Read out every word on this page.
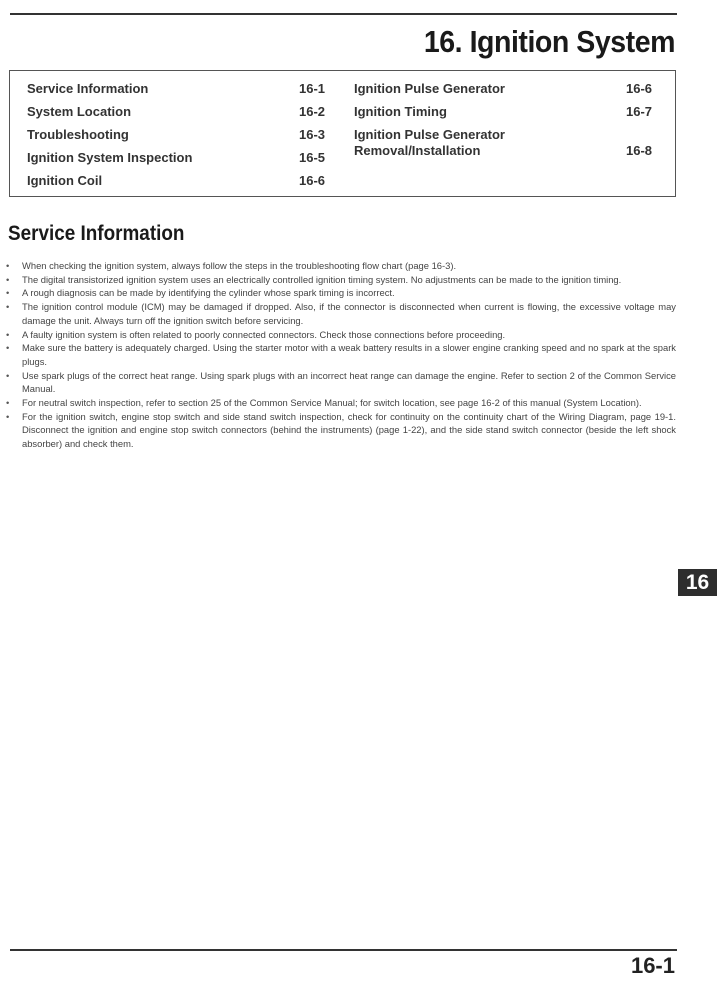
16. Ignition System
Service Information	16-1
System Location	16-2
Troubleshooting	16-3
Ignition System Inspection	16-5
Ignition Coil	16-6
Ignition Pulse Generator	16-6
Ignition Timing	16-7
Ignition Pulse Generator
Removal/Installation	16-8
Service Information
•	When checking the ignition system, always follow the steps in the troubleshooting flow chart (page 16-3).
•	The digital transistorized ignition system uses an electrically controlled ignition timing system. No adjustments can be made to the ignition timing.
•	A rough diagnosis can be made by identifying the cylinder whose spark timing is incorrect.
•	The ignition control module (ICM) may be damaged if dropped. Also, if the connector is disconnected when current is flowing, the excessive voltage may damage the unit. Always turn off the ignition switch before servicing.
•	A faulty ignition system is often related to poorly connected connectors. Check those connections before proceeding.
•	Make sure the battery is adequately charged. Using the starter motor with a weak battery results in a slower engine cranking speed and no spark at the spark plugs.
•	Use spark plugs of the correct heat range. Using spark plugs with an incorrect heat range can damage the engine. Refer to section 2 of the Common Service Manual.
•	For neutral switch inspection, refer to section 25 of the Common Service Manual; for switch location, see page 16-2 of this manual (System Location).
•	For the ignition switch, engine stop switch and side stand switch inspection, check for continuity on the continuity chart of the Wiring Diagram, page 19-1. Disconnect the ignition and engine stop switch connectors (behind the instruments) (page 1-22), and the side stand switch connector (beside the left shock absorber) and check them.
16
16-1
